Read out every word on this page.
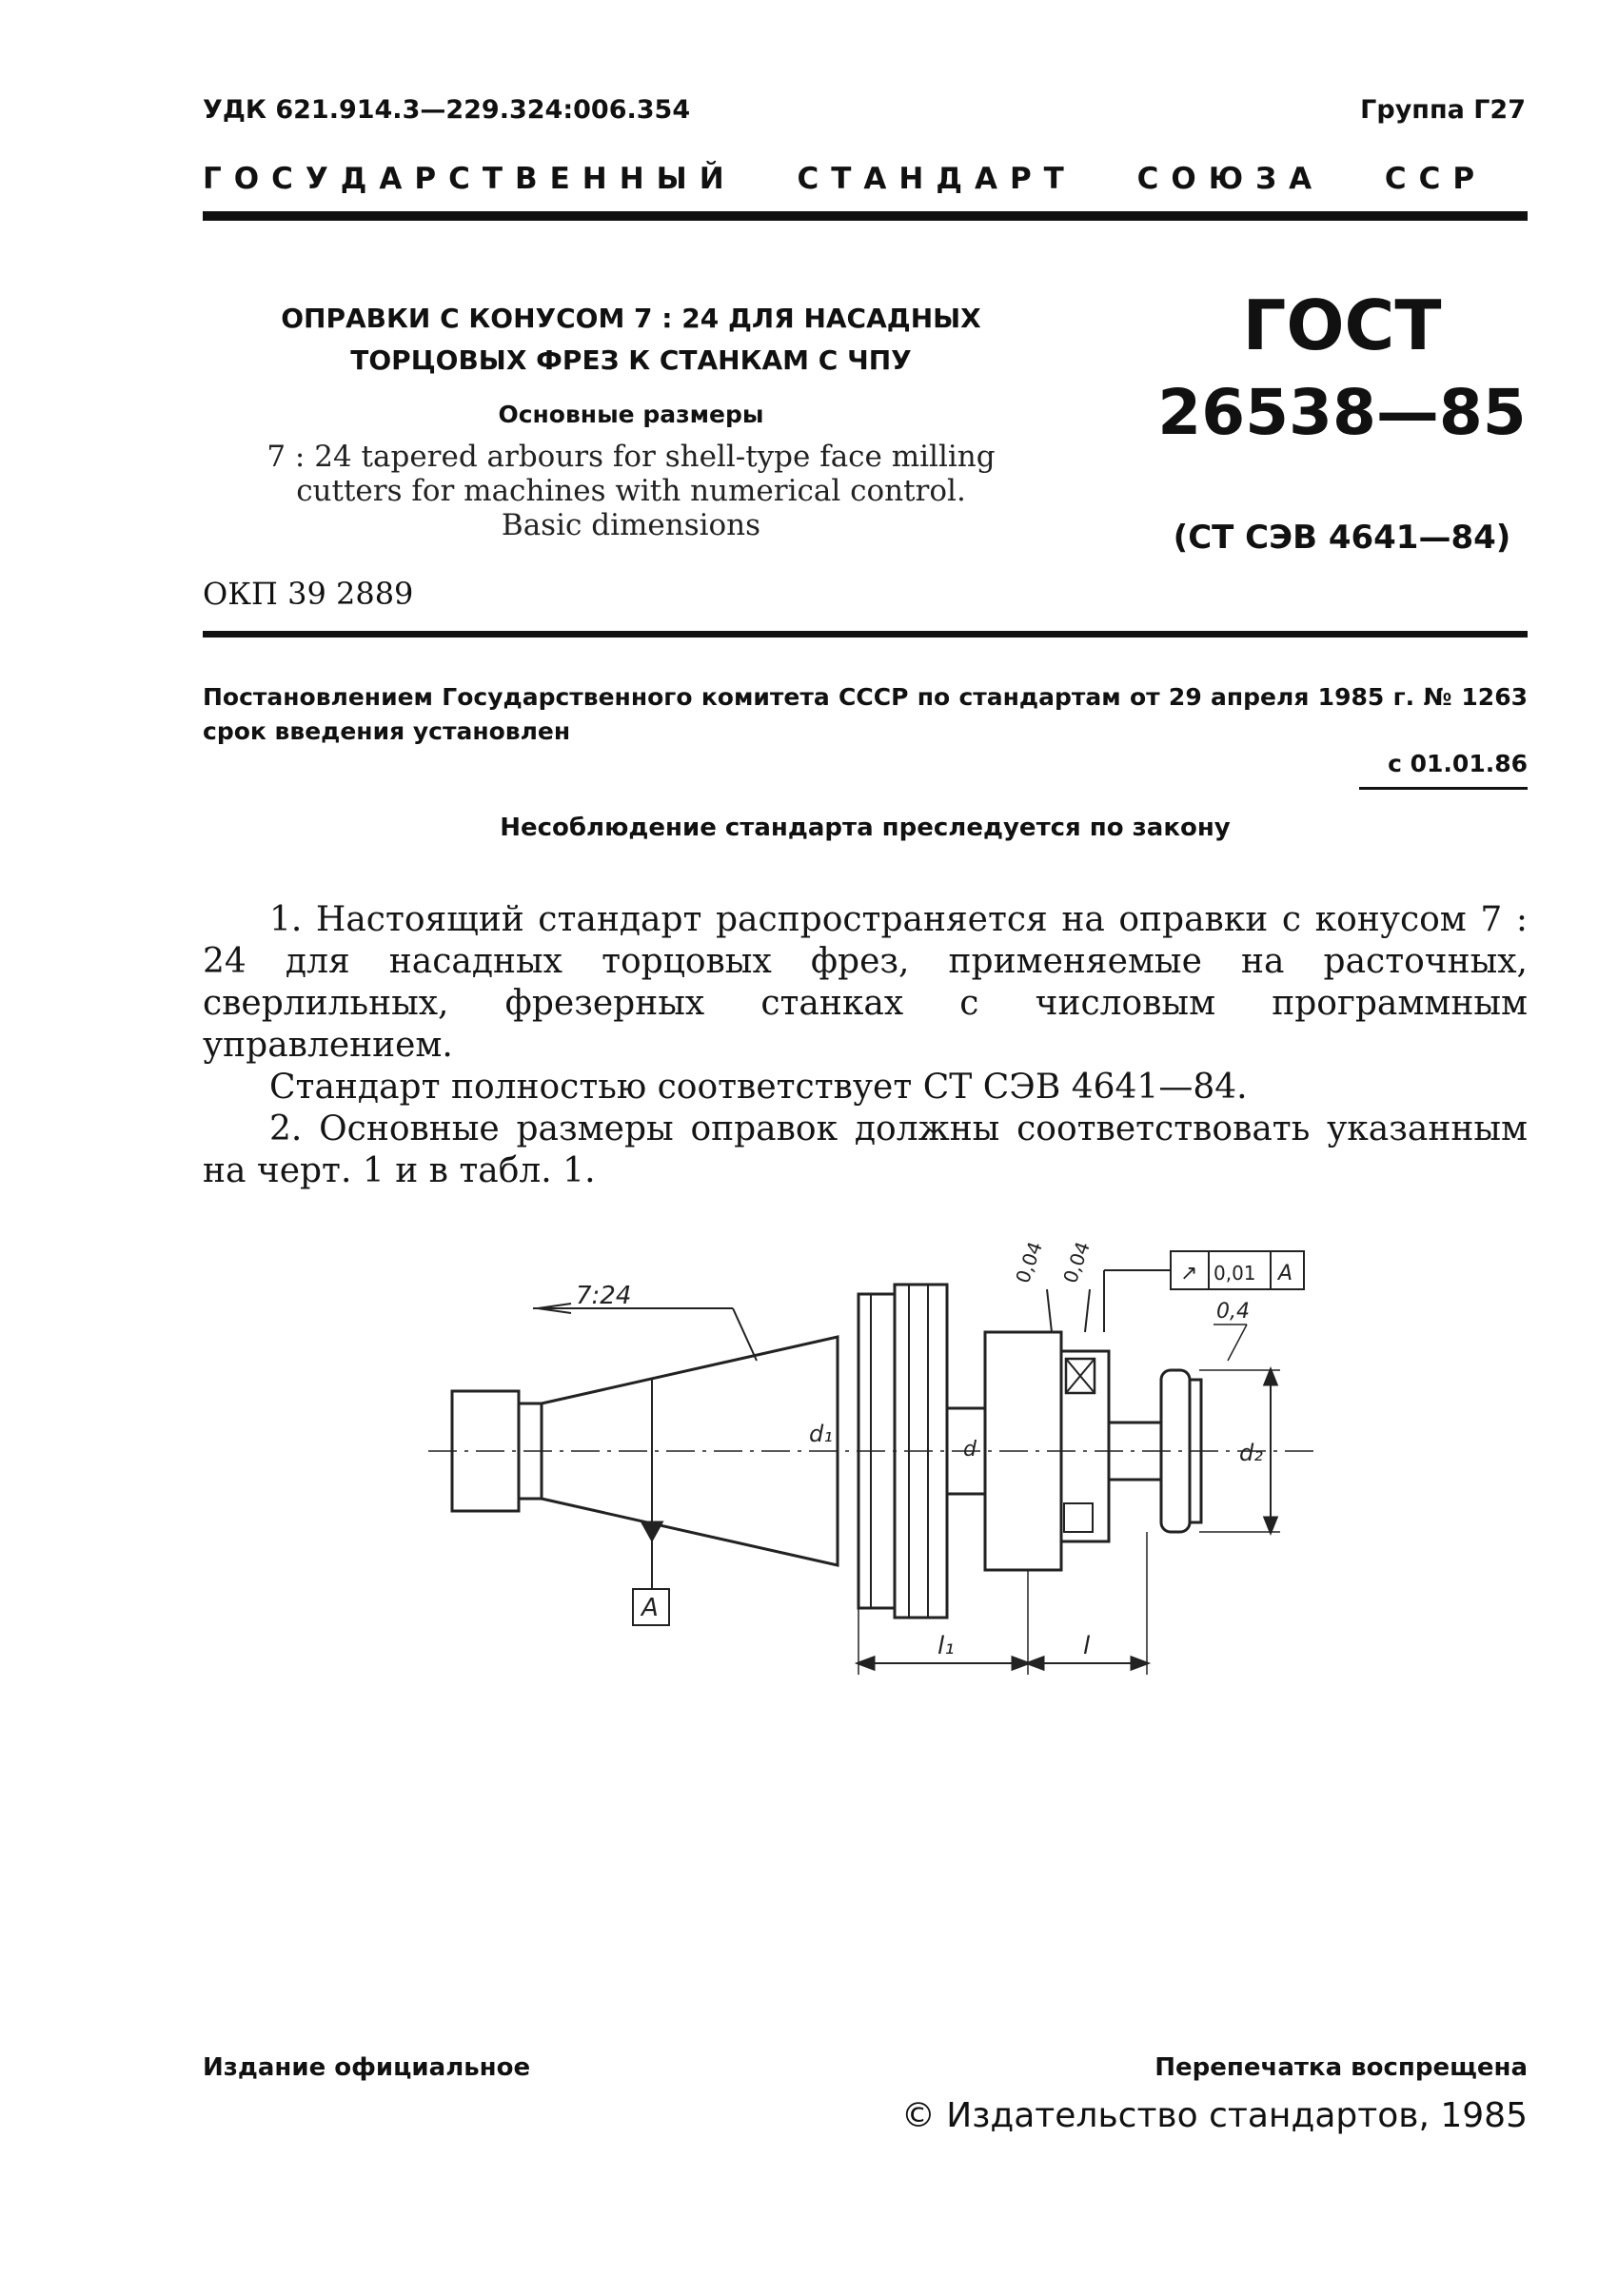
УДК 621.914.3—229.324:006.354	Группа Г27
ГОСУДАРСТВЕННЫЙ СТАНДАРТ СОЮЗА ССР
ОПРАВКИ С КОНУСОМ 7 : 24 ДЛЯ НАСАДНЫХ
ТОРЦОВЫХ ФРЕЗ К СТАНКАМ С ЧПУ
Основные размеры
7 : 24 tapered arbours for shell-type face milling
cutters for machines with numerical control.
Basic dimensions
ГОСТ
26538—85
(СТ СЭВ 4641—84)
ОКП 39 2889
Постановлением Государственного комитета СССР по стандартам от 29 апреля 1985 г. № 1263 срок введения установлен
с 01.01.86
Несоблюдение стандарта преследуется по закону

1. Настоящий стандарт распространяется на оправки с конусом 7 : 24 для насадных торцовых фрез, применяемые на расточных, сверлильных, фрезерных станках с числовым программным управлением.

Стандарт полностью соответствует СТ СЭВ 4641—84.

2. Основные размеры оправок должны соответствовать указанным на черт. 1 и в табл. 1.

7:24
A
d₁
d	d₂
0,04 0,04	↗ 0,01 A
0,4
l₁	l
Издание официальное	Перепечатка воспрещена
© Издательство стандартов, 1985
